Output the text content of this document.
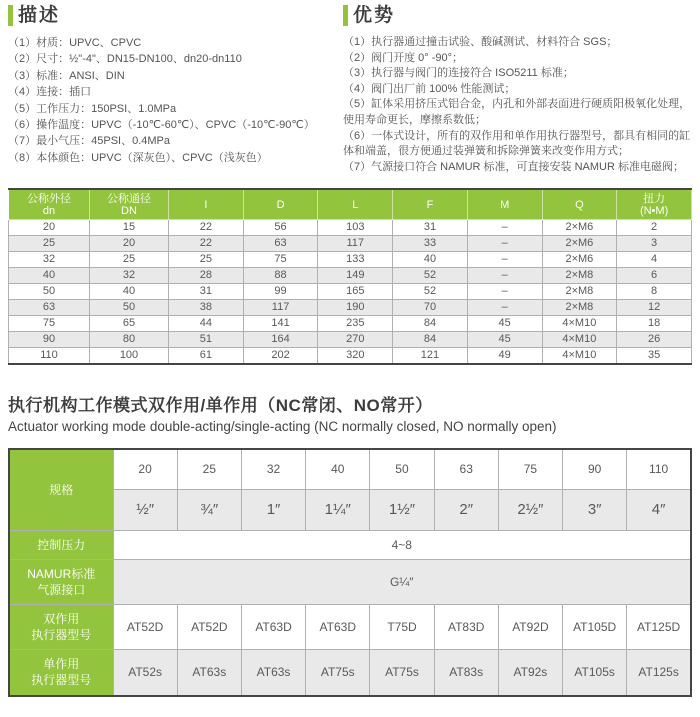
描述

（1）材质：UPVC、CPVC

（2）尺寸：½"-4"、DN15-DN100、dn20-dn110

（3）标准：ANSI、DIN

（4）连接：插口

（5）工作压力：150PSI、1.0MPa

（6）操作温度：UPVC（-10℃-60℃）、CPVC（-10℃-90℃）

（7）最小气压：45PSI、0.4MPa

（8）本体颜色：UPVC（深灰色）、CPVC（浅灰色）

优势

（1）执行器通过撞击试验、酸碱测试、材料符合 SGS；

（2）阀门开度 0° -90°；

（3）执行器与阀门的连接符合 ISO5211 标准；

（4）阀门出厂前 100% 性能测试；

（5）缸体采用挤压式铝合金，内孔和外部表面进行硬质阳极氧化处理，使用寿命更长，摩擦系数低；

（6）一体式设计，所有的双作用和单作用执行器型号，都具有相同的缸体和端盖，很方便通过装弹簧和拆除弹簧来改变作用方式；

（7）气源接口符合 NAMUR 标准，可直接安装 NAMUR 标准电磁阀；

公称外径
dn	公称通径
DN	I	D	L	F	M	Q	扭力
(N•M)

20	15	22	56	103	31	–	2×M6	2
25	20	22	63	117	33	–	2×M6	3
32	25	25	75	133	40	–	2×M6	4
40	32	28	88	149	52	–	2×M8	6
50	40	31	99	165	52	–	2×M8	8
63	50	38	117	190	70	–	2×M8	12
75	65	44	141	235	84	45	4×M10	18
90	80	51	164	270	84	45	4×M10	26
110	100	61	202	320	121	49	4×M10	35
执行机构工作模式双作用/单作用（NC常闭、NO常开）

Actuator working mode double-acting/single-acting (NC normally closed, NO normally open)

规格	20	25	32	40	50	63	75	90	110
	½″	¾″	1″	1¼″	1½″	2″	2½″	3″	4″

控制压力	4~8								

NAMUR标准
气源接口	G¼″								

双作用
执行器型号	AT52D	AT52D	AT63D	AT63D	T75D	AT83D	AT92D	AT105D	AT125D

单作用
执行器型号	AT52s	AT63s	AT63s	AT75s	AT75s	AT83s	AT92s	AT105s	AT125s
